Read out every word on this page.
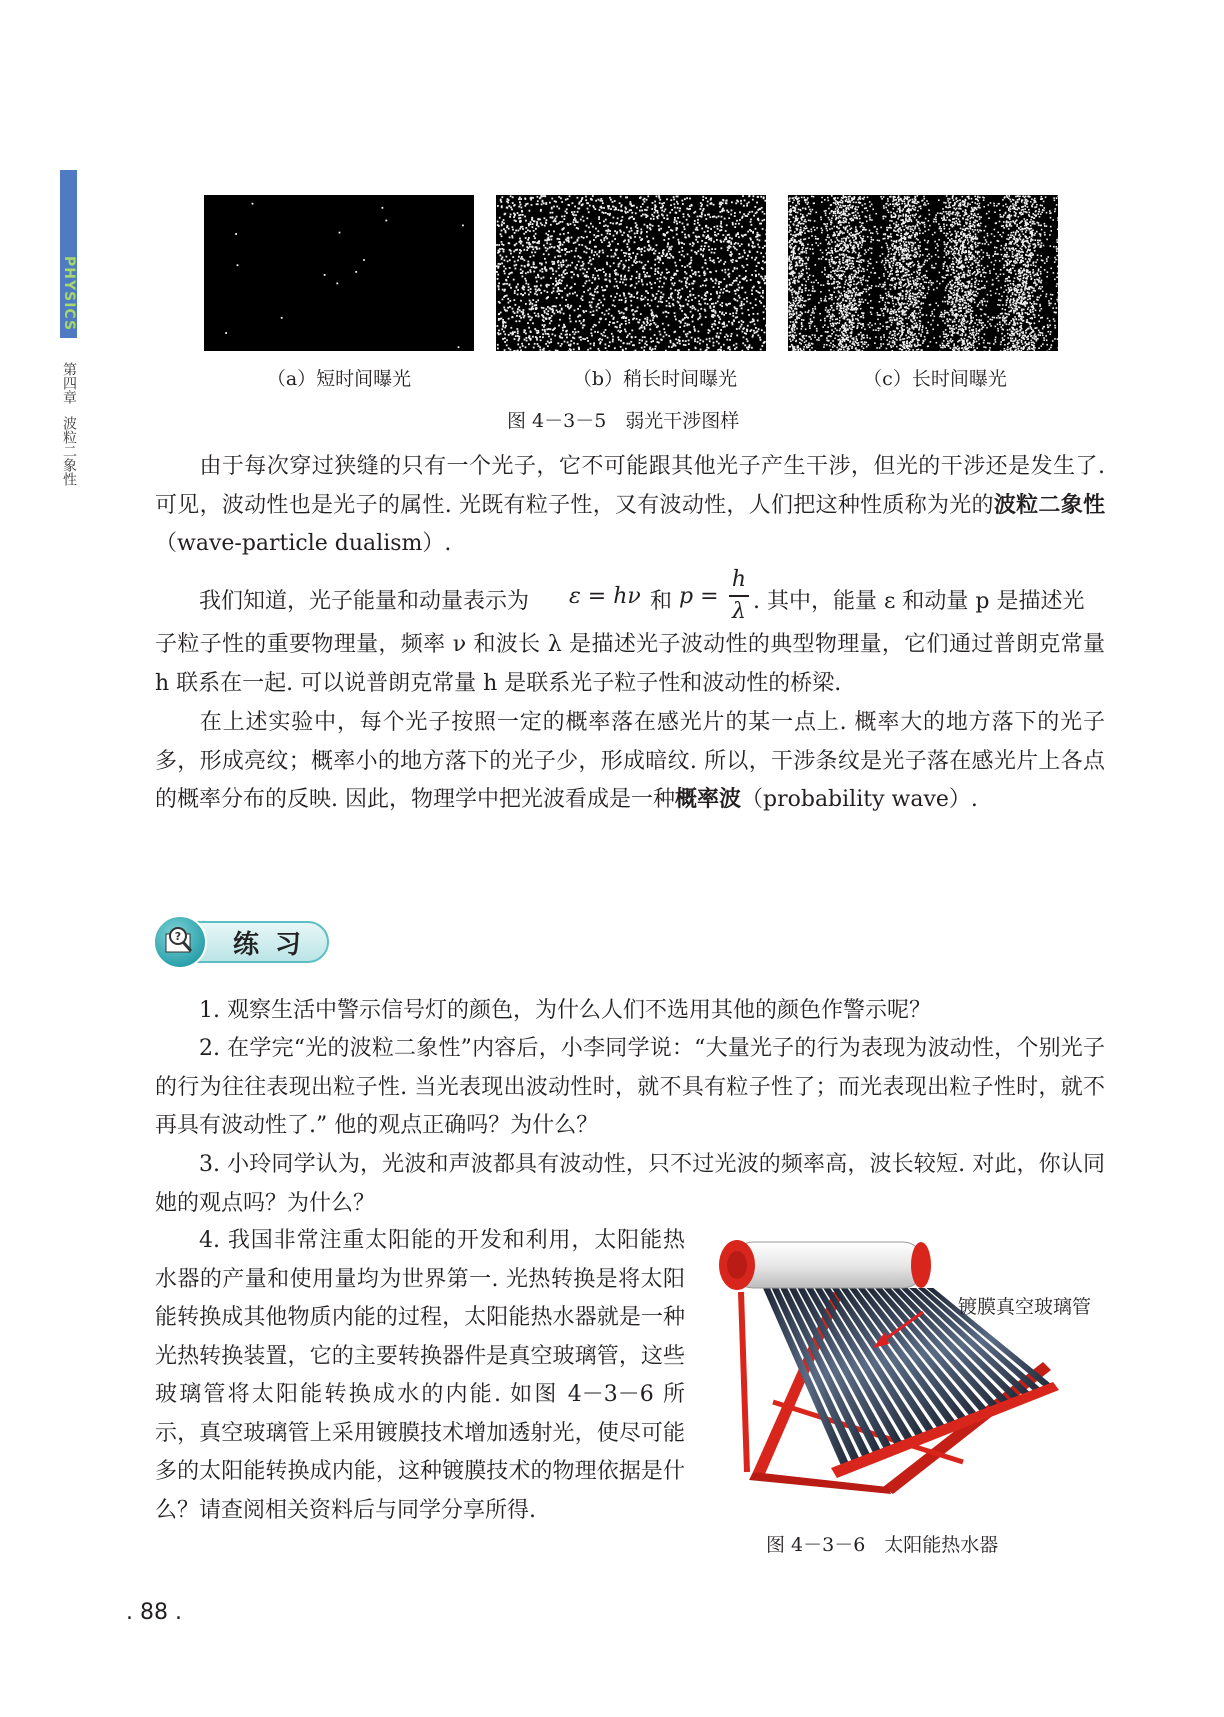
PHYSICS
第四章波粒二象性
（a）短时间曝光	（b）稍长时间曝光	（c）长时间曝光
图 4－3－5　弱光干涉图样

由于每次穿过狭缝的只有一个光子，它不可能跟其他光子产生干涉，但光的干涉还是发生了. 可见，波动性也是光子的属性. 光既有粒子性，又有波动性，人们把这种性质称为光的波粒二象性（wave-particle dualism）.

我们知道，光子能量和动量表示为 ε = hν 和 p =
h
λ . 其中，能量 ε 和动量 p 是描述光

子粒子性的重要物理量，频率 ν 和波长 λ 是描述光子波动性的典型物理量，它们通过普朗克常量 h 联系在一起. 可以说普朗克常量 h 是联系光子粒子性和波动性的桥梁.

在上述实验中，每个光子按照一定的概率落在感光片的某一点上. 概率大的地方落下的光子多，形成亮纹；概率小的地方落下的光子少，形成暗纹. 所以，干涉条纹是光子落在感光片上各点的概率分布的反映. 因此，物理学中把光波看成是一种概率波（probability wave）.

? 练习

1. 观察生活中警示信号灯的颜色，为什么人们不选用其他的颜色作警示呢？

2. 在学完“光的波粒二象性”内容后，小李同学说：“大量光子的行为表现为波动性，个别光子的行为往往表现出粒子性. 当光表现出波动性时，就不具有粒子性了；而光表现出粒子性时，就不再具有波动性了.” 他的观点正确吗？为什么？

3. 小玲同学认为，光波和声波都具有波动性，只不过光波的频率高，波长较短. 对此，你认同她的观点吗？为什么？

4. 我国非常注重太阳能的开发和利用，太阳能热水器的产量和使用量均为世界第一. 光热转换是将太阳能转换成其他物质内能的过程，太阳能热水器就是一种光热转换装置，它的主要转换器件是真空玻璃管，这些玻璃管将太阳能转换成水的内能. 如图 4－3－6 所示，真空玻璃管上采用镀膜技术增加透射光，使尽可能多的太阳能转换成内能，这种镀膜技术的物理依据是什么？请查阅相关资料后与同学分享所得.

镀膜真空玻璃管
图 4－3－6　太阳能热水器
. 88 .
